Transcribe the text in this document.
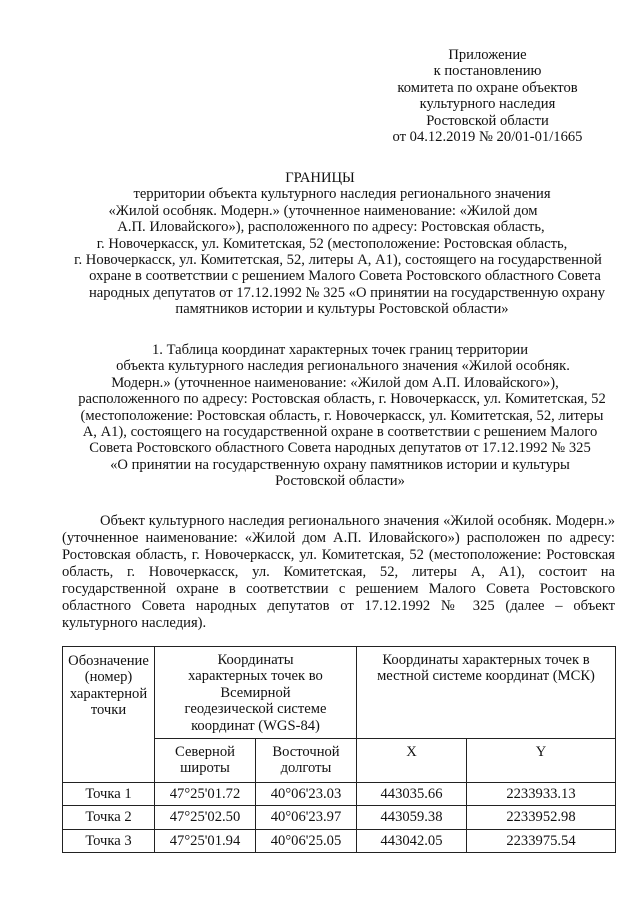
Приложение
к постановлению
комитета по охране объектов
культурного наследия
Ростовской области
от 04.12.2019 № 20/01-01/1665
ГРАНИЦЫ
территории объекта культурного наследия регионального значения
«Жилой особняк. Модерн.» (уточненное наименование: «Жилой дом
А.П. Иловайского»), расположенного по адресу: Ростовская область,
г. Новочеркасск, ул. Комитетская, 52 (местоположение: Ростовская область,
г. Новочеркасск, ул. Комитетская, 52, литеры А, А1), состоящего на государственной
охране в соответствии с решением Малого Совета Ростовского областного Совета
народных депутатов от 17.12.1992 № 325 «О принятии на государственную охрану
памятников истории и культуры Ростовской области»
1. Таблица координат характерных точек границ территории
объекта культурного наследия регионального значения «Жилой особняк.
Модерн.» (уточненное наименование: «Жилой дом А.П. Иловайского»),
расположенного по адресу: Ростовская область, г. Новочеркасск, ул. Комитетская, 52
(местоположение: Ростовская область, г. Новочеркасск, ул. Комитетская, 52, литеры
А, А1), состоящего на государственной охране в соответствии с решением Малого
Совета Ростовского областного Совета народных депутатов от 17.12.1992 № 325
«О принятии на государственную охрану памятников истории и культуры
Ростовской области»
Объект культурного наследия регионального значения «Жилой особняк. Модерн.» (уточненное наименование: «Жилой дом А.П. Иловайского») расположен по адресу: Ростовская область, г. Новочеркасск, ул. Комитетская, 52 (местоположение: Ростовская область, г. Новочеркасск, ул. Комитетская, 52, литеры А, А1), состоит на государственной охране в соответствии с решением Малого Совета Ростовского областного Совета народных депутатов от 17.12.1992 № 325 (далее – объект культурного наследия).
Обозначение (номер) характерной точки	Координаты характерных точек во Всемирной геодезической системе координат (WGS-84)		Координаты характерных точек в местной системе координат (МСК)	
	Северной широты	Восточной долготы	X	Y
Точка 1	47°25'01.72	40°06'23.03	443035.66	2233933.13
Точка 2	47°25'02.50	40°06'23.97	443059.38	2233952.98
Точка 3	47°25'01.94	40°06'25.05	443042.05	2233975.54
